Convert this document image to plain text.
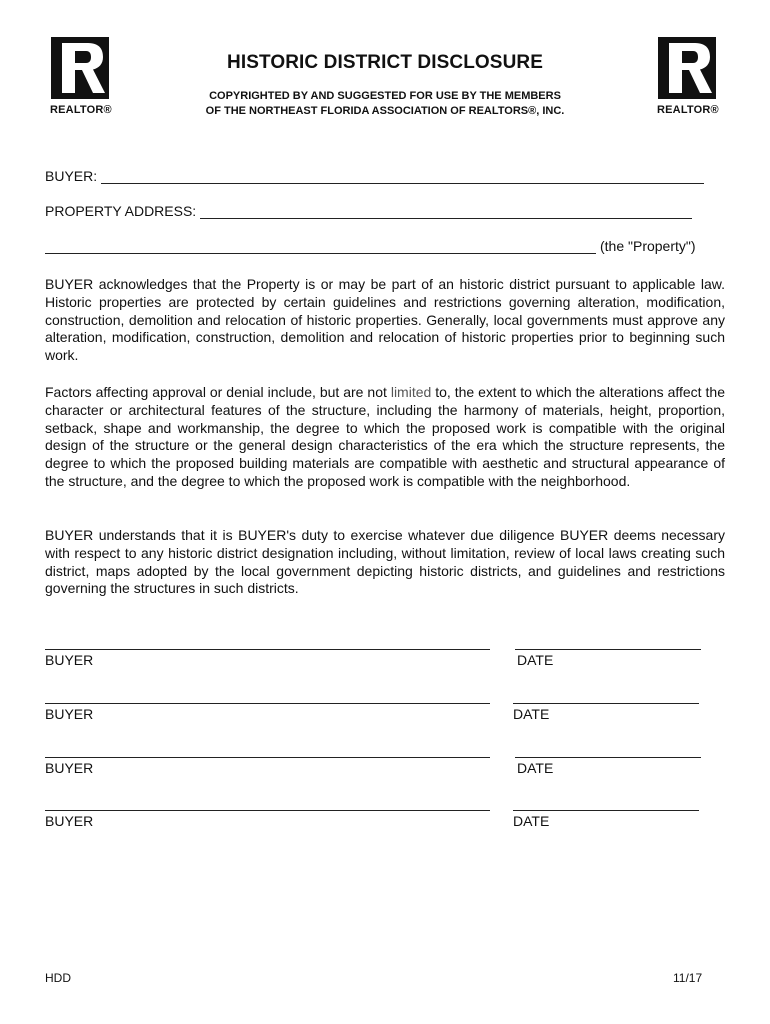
REALTOR®	REALTOR®
HISTORIC DISTRICT DISCLOSURE
COPYRIGHTED BY AND SUGGESTED FOR USE BY THE MEMBERS
OF THE NORTHEAST FLORIDA ASSOCIATION OF REALTORS®, INC.
BUYER:
PROPERTY ADDRESS:
(the "Property")

BUYER acknowledges that the Property is or may be part of an historic district pursuant to applicable law. Historic properties are protected by certain guidelines and restrictions governing alteration, modification, construction, demolition and relocation of historic properties. Generally, local governments must approve any alteration, modification, construction, demolition and relocation of historic properties prior to beginning such work.

Factors affecting approval or denial include, but are not limited to, the extent to which the alterations affect the character or architectural features of the structure, including the harmony of materials, height, proportion, setback, shape and workmanship, the degree to which the proposed work is compatible with the original design of the structure or the general design characteristics of the era which the structure represents, the degree to which the proposed building materials are compatible with aesthetic and structural appearance of the structure, and the degree to which the proposed work is compatible with the neighborhood.

BUYER understands that it is BUYER's duty to exercise whatever due diligence BUYER deems necessary with respect to any historic district designation including, without limitation, review of local laws creating such district, maps adopted by the local government depicting historic districts, and guidelines and restrictions governing the structures in such districts.

BUYER	DATE
BUYER	DATE
BUYER	DATE
BUYER	DATE
HDD	11/17
